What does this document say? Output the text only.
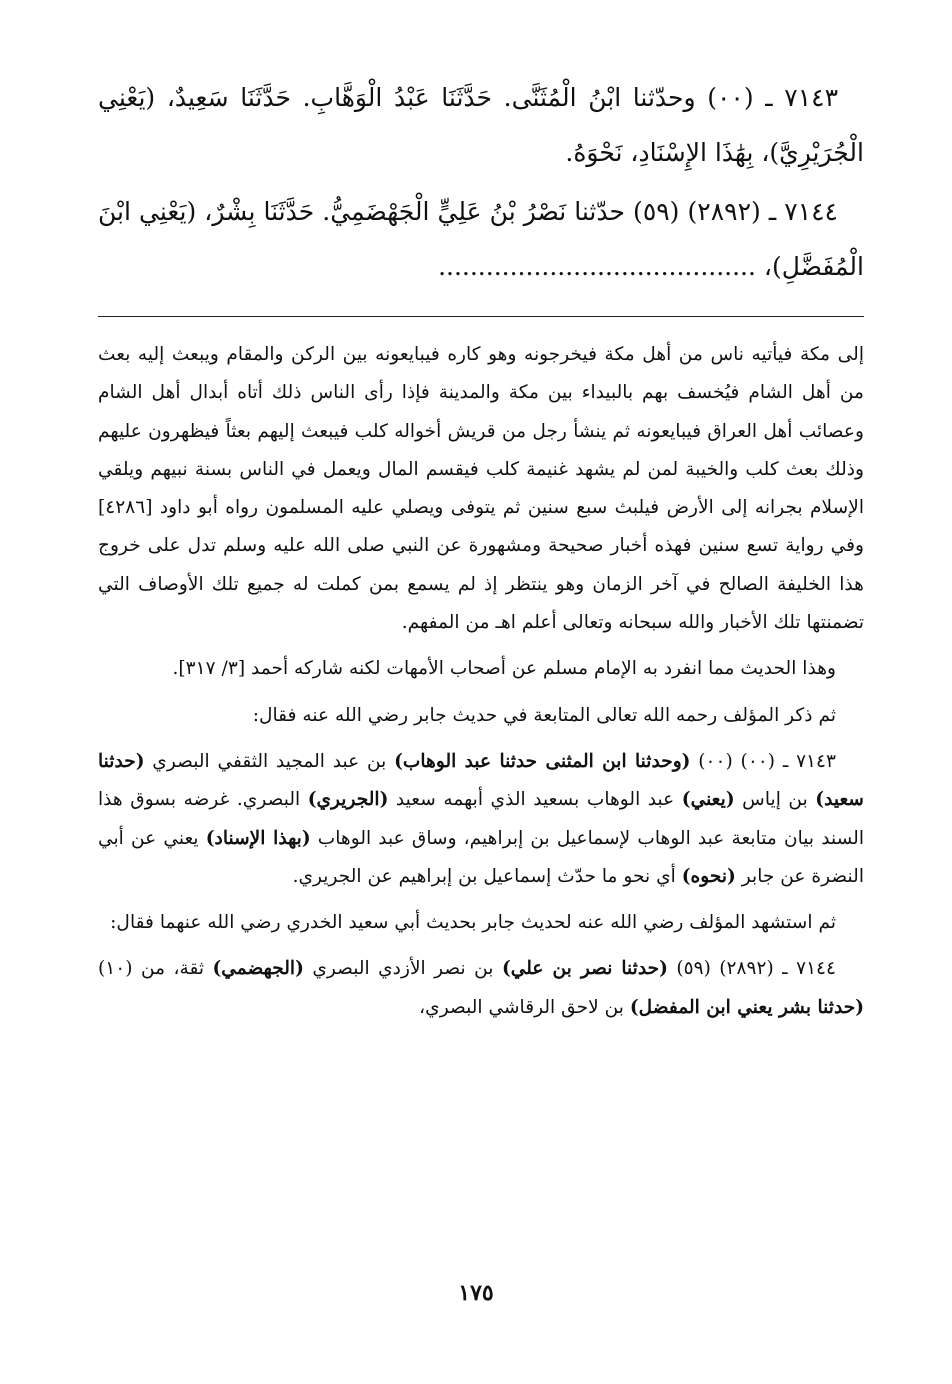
٧١٤٣ ـ (٠٠) وحدّثنا ابْنُ الْمُثَنَّى. حَدَّثَنَا عَبْدُ الْوَهَّابِ. حَدَّثَنَا سَعِيدٌ، (يَعْنِي الْجُرَيْرِيَّ)، بِهَٰذَا الإِسْنَادِ، نَحْوَهُ.

٧١٤٤ ـ (٢٨٩٢) (٥٩) حدّثنا نَصْرُ بْنُ عَلِيٍّ الْجَهْضَمِيُّ. حَدَّثَنَا بِشْرٌ، (يَعْنِي ابْنَ الْمُفَضَّلِ)، ........................................

إلى مكة فيأتيه ناس من أهل مكة فيخرجونه وهو كاره فيبايعونه بين الركن والمقام ويبعث إليه بعث من أهل الشام فيُخسف بهم بالبيداء بين مكة والمدينة فإذا رأى الناس ذلك أتاه أبدال أهل الشام وعصائب أهل العراق فيبايعونه ثم ينشأ رجل من قريش أخواله كلب فيبعث إليهم بعثاً فيظهرون عليهم وذلك بعث كلب والخيبة لمن لم يشهد غنيمة كلب فيقسم المال ويعمل في الناس بسنة نبيهم ويلقي الإسلام بجرانه إلى الأرض فيلبث سبع سنين ثم يتوفى ويصلي عليه المسلمون رواه أبو داود [٤٢٨٦] وفي رواية تسع سنين فهذه أخبار صحيحة ومشهورة عن النبي صلى الله عليه وسلم تدل على خروج هذا الخليفة الصالح في آخر الزمان وهو ينتظر إذ لم يسمع بمن كملت له جميع تلك الأوصاف التي تضمنتها تلك الأخبار والله سبحانه وتعالى أعلم اهـ من المفهم.

وهذا الحديث مما انفرد به الإمام مسلم عن أصحاب الأمهات لكنه شاركه أحمد [٣/ ٣١٧].

ثم ذكر المؤلف رحمه الله تعالى المتابعة في حديث جابر رضي الله عنه فقال:

٧١٤٣ ـ (٠٠) (٠٠) (وحدثنا ابن المثنى حدثنا عبد الوهاب) بن عبد المجيد الثقفي البصري (حدثنا سعيد) بن إياس (يعني) عبد الوهاب بسعيد الذي أبهمه سعيد (الجريري) البصري. غرضه بسوق هذا السند بيان متابعة عبد الوهاب لإسماعيل بن إبراهيم، وساق عبد الوهاب (بهذا الإسناد) يعني عن أبي النضرة عن جابر (نحوه) أي نحو ما حدّث إسماعيل بن إبراهيم عن الجريري.

ثم استشهد المؤلف رضي الله عنه لحديث جابر بحديث أبي سعيد الخدري رضي الله عنهما فقال:

٧١٤٤ ـ (٢٨٩٢) (٥٩) (حدثنا نصر بن علي) بن نصر الأزدي البصري (الجهضمي) ثقة، من (١٠) (حدثنا بشر يعني ابن المفضل) بن لاحق الرقاشي البصري،

١٧٥
